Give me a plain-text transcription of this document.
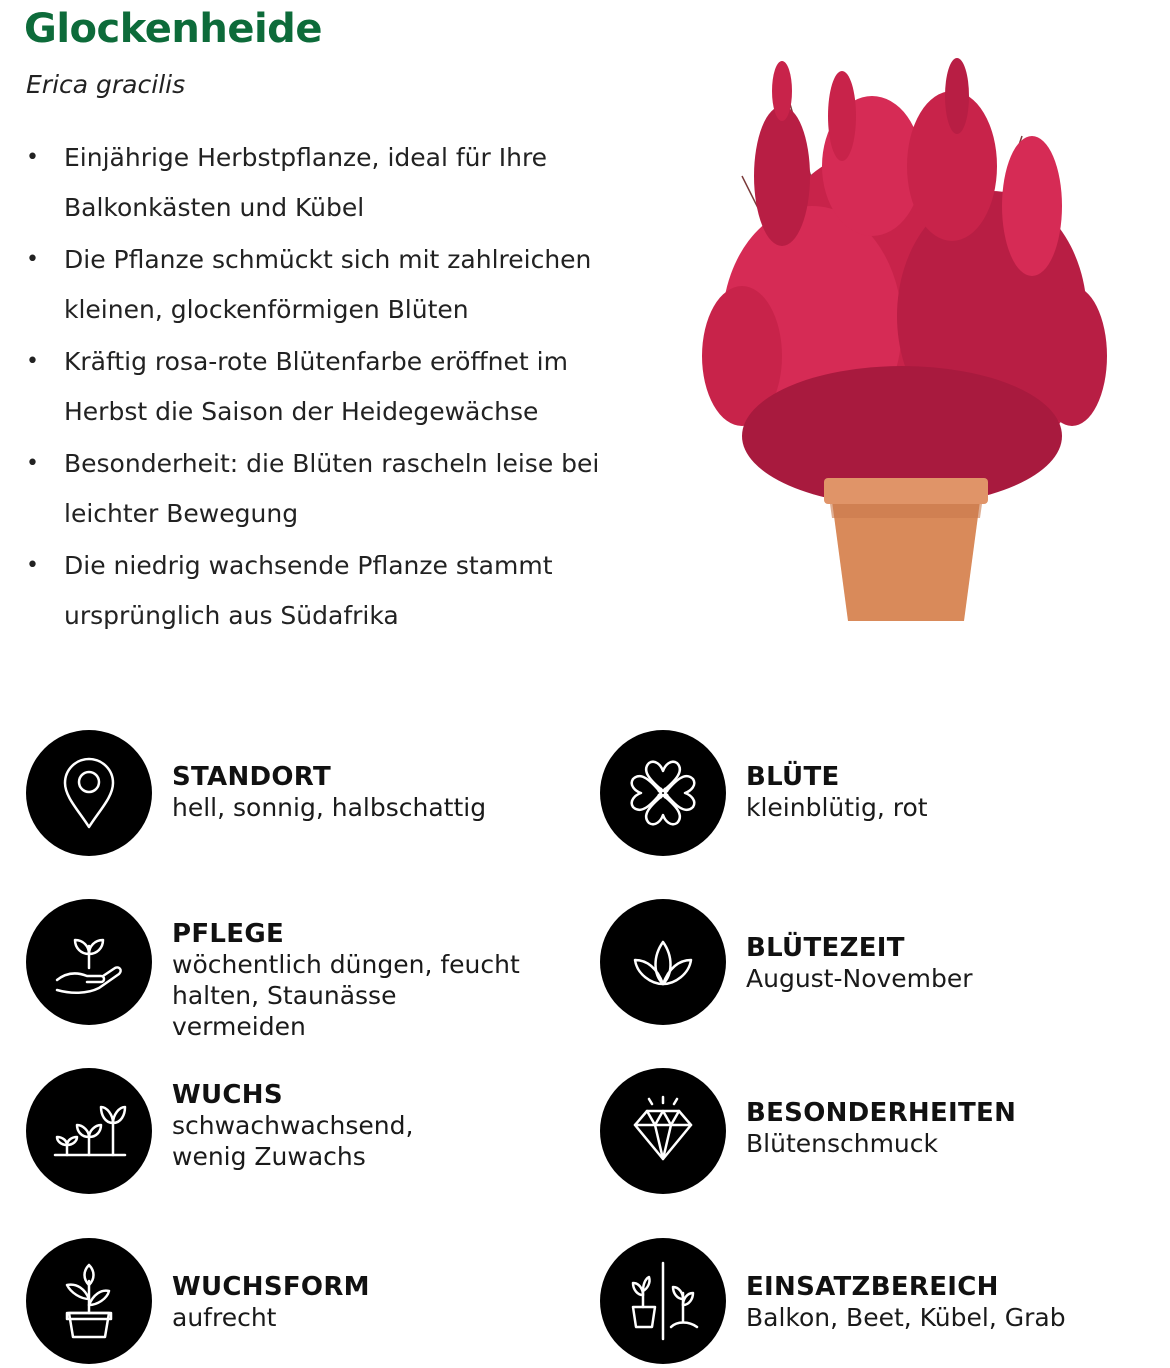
Glockenheide
Erica gracilis
• Einjährige Herbstpflanze, ideal für Ihre Balkonkästen und Kübel
• Die Pflanze schmückt sich mit zahlreichen kleinen, glockenförmigen Blüten
• Kräftig rosa-rote Blütenfarbe eröffnet im Herbst die Saison der Heidegewächse
• Besonderheit: die Blüten rascheln leise bei leichter Bewegung
• Die niedrig wachsende Pflanze stammt ursprünglich aus Südafrika
STANDORT
hell, sonnig, halbschattig
BLÜTE
kleinblütig, rot
PFLEGE
wöchentlich düngen, feucht
halten, Staunässe vermeiden
BLÜTEZEIT
August-November
WUCHS
schwachwachsend,
wenig Zuwachs
BESONDERHEITEN
Blütenschmuck
WUCHSFORM
aufrecht
EINSATZBEREICH
Balkon, Beet, Kübel, Grab
